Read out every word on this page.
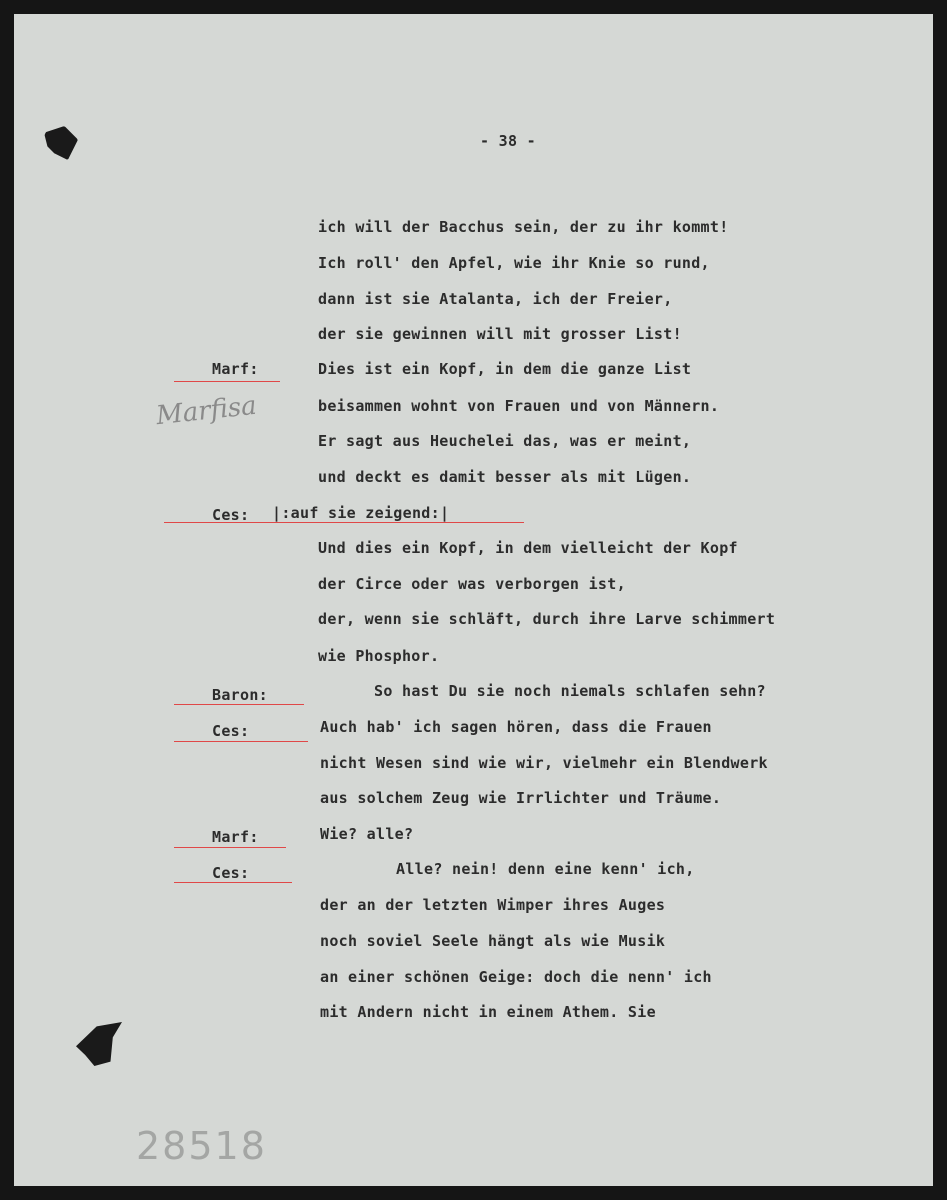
- 38 -
Marf:
Ces:
Baron:
Ces:
Marf:
Ces:
ich will der Bacchus sein, der zu ihr kommt!
Ich roll' den Apfel, wie ihr Knie so rund,
dann ist sie Atalanta, ich der Freier,
der sie gewinnen will mit grosser List!
Dies ist ein Kopf, in dem die ganze List
beisammen wohnt von Frauen und von Männern.
Er sagt aus Heuchelei das, was er meint,
und deckt es damit besser als mit Lügen.
|:auf sie zeigend:|
Und dies ein Kopf, in dem vielleicht der Kopf
der Circe oder was verborgen ist,
der, wenn sie schläft, durch ihre Larve schimmert
wie Phosphor.
So hast Du sie noch niemals schlafen sehn?
Auch hab' ich sagen hören, dass die Frauen
nicht Wesen sind wie wir, vielmehr ein Blendwerk
aus solchem Zeug wie Irrlichter und Träume.
Wie? alle?
Alle? nein! denn eine kenn' ich,
der an der letzten Wimper ihres Auges
noch soviel Seele hängt als wie Musik
an einer schönen Geige: doch die nenn' ich
mit Andern nicht in einem Athem. Sie
Marfisa
28518
